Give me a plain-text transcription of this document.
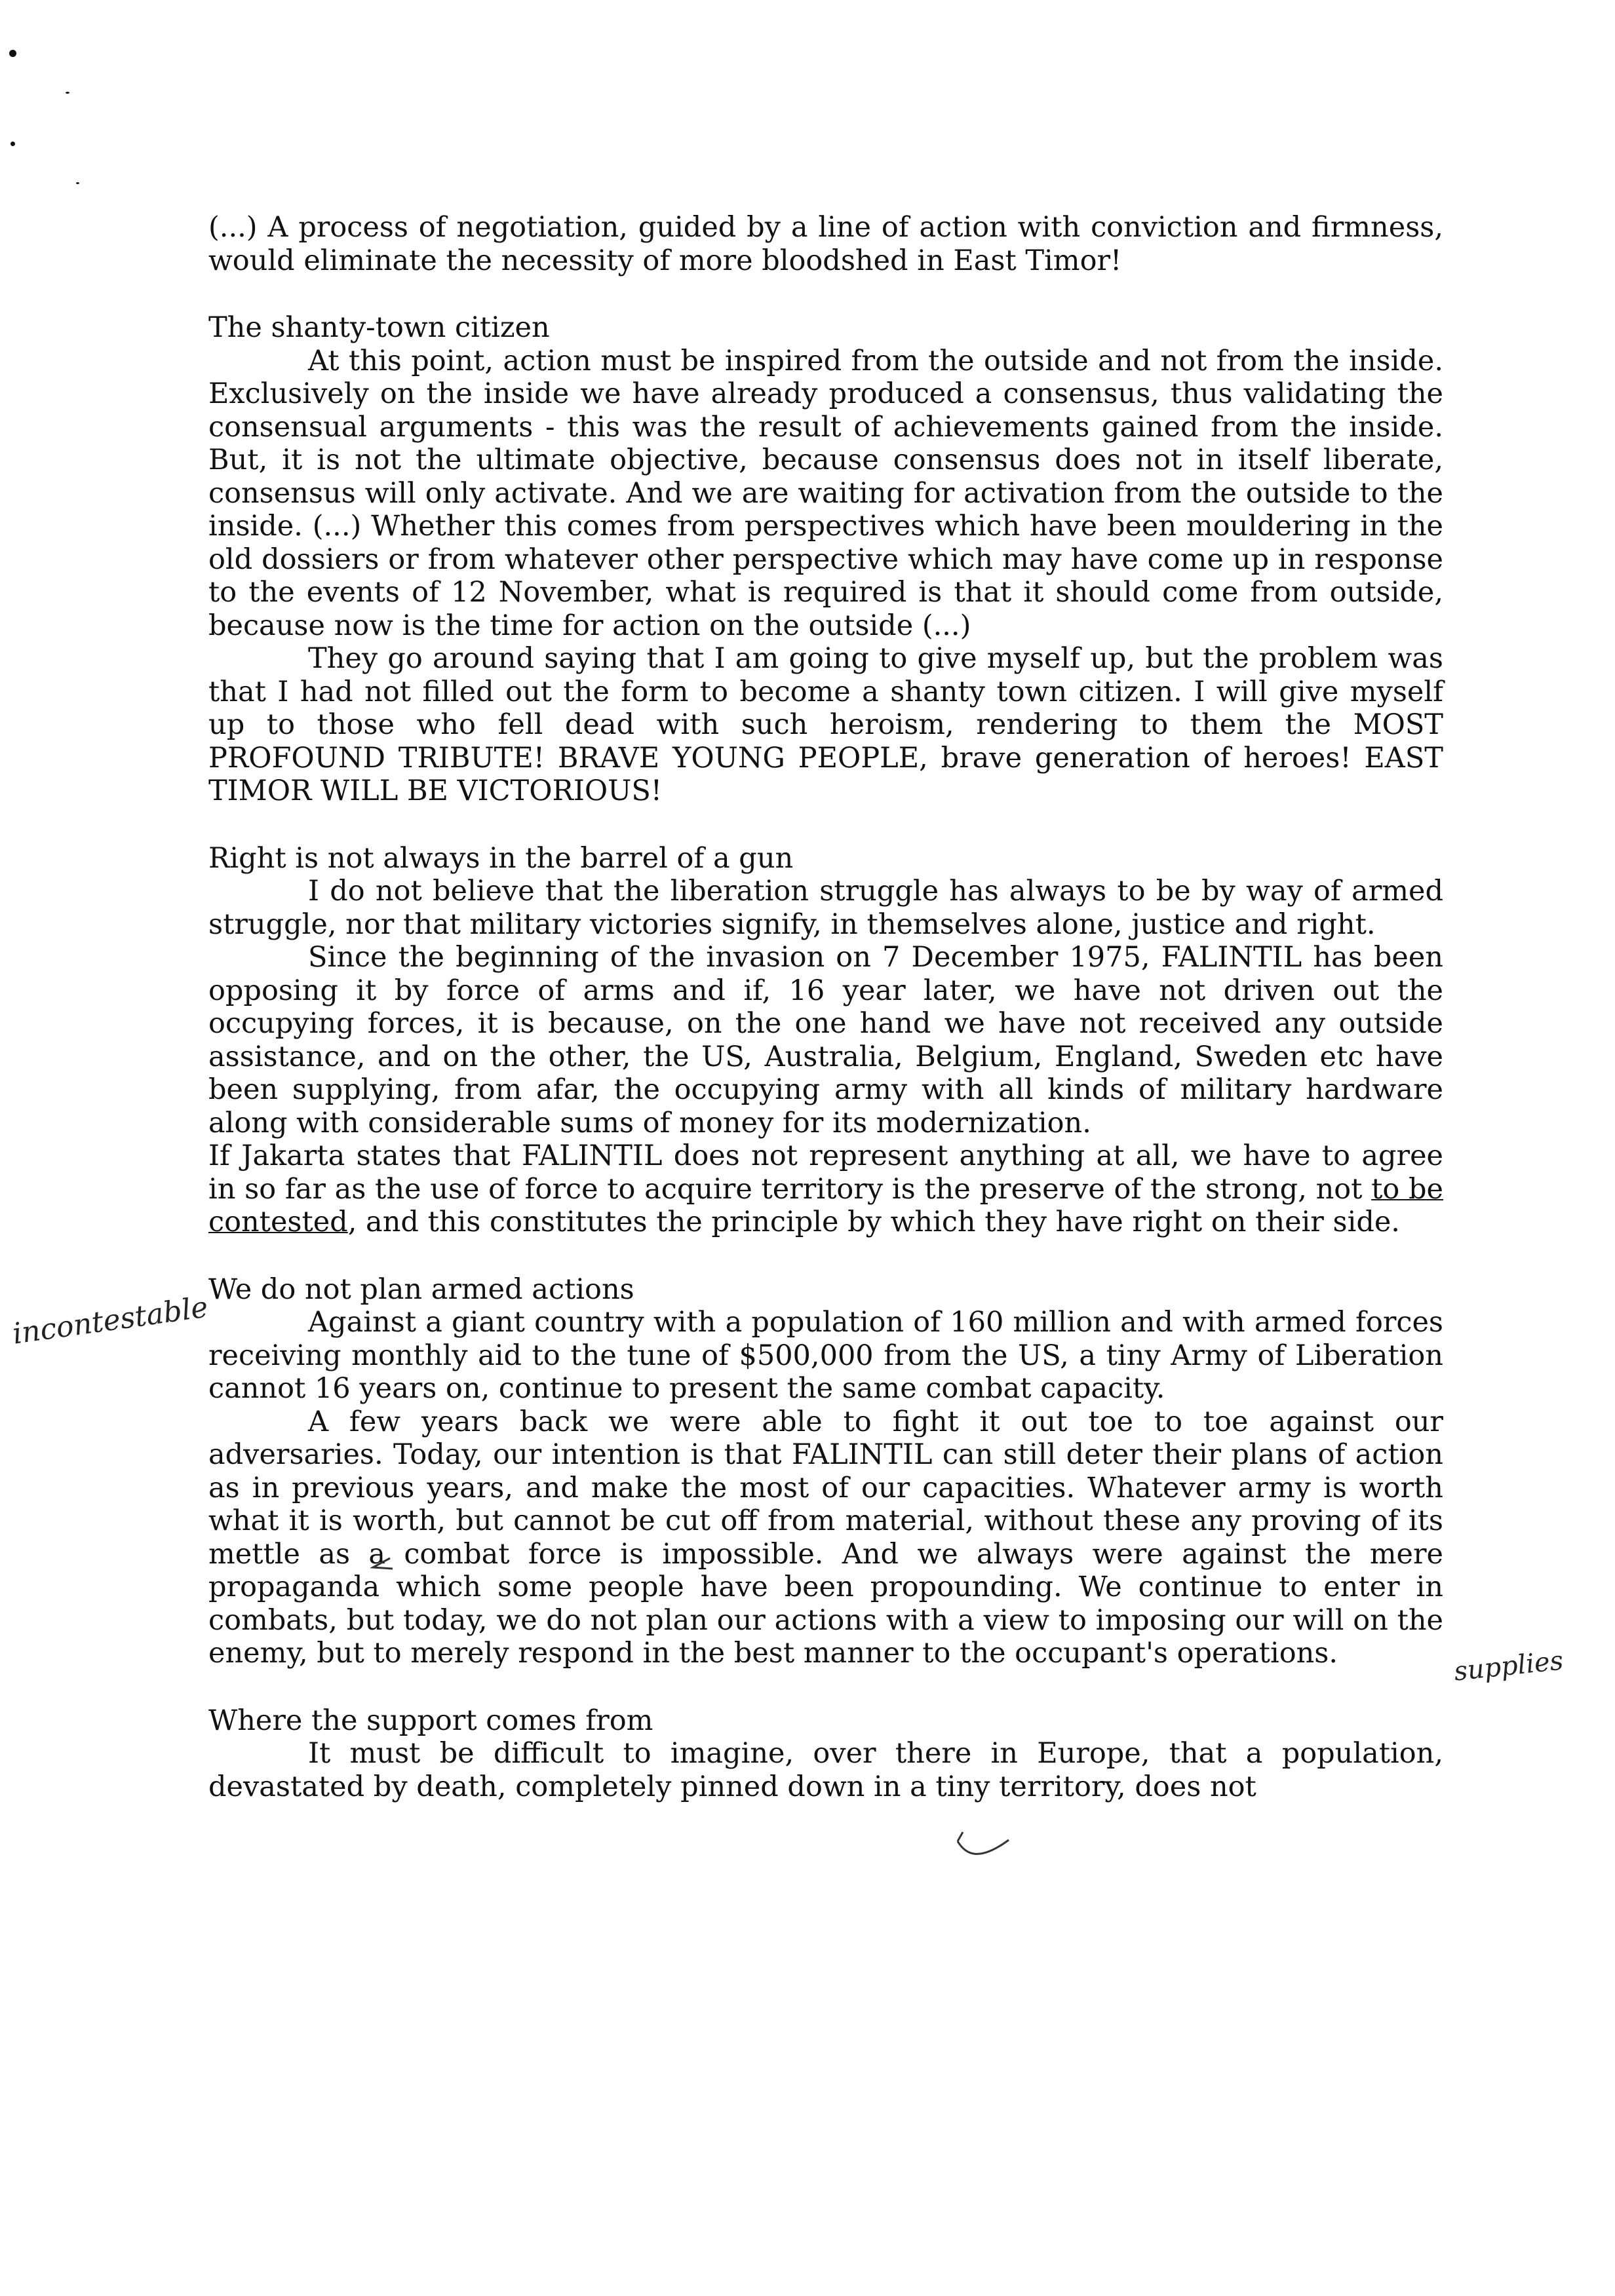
(...) A process of negotiation, guided by a line of action with conviction and firmness, would eliminate the necessity of more bloodshed in East Timor!

The shanty-town citizen

At this point, action must be inspired from the outside and not from the inside. Exclusively on the inside we have already produced a consensus, thus validating the consensual arguments - this was the result of achievements gained from the inside. But, it is not the ultimate objective, because consensus does not in itself liberate, consensus will only activate. And we are waiting for activation from the outside to the inside. (...) Whether this comes from perspectives which have been mouldering in the old dossiers or from whatever other perspective which may have come up in response to the events of 12 November, what is required is that it should come from outside, because now is the time for action on the outside (...)

They go around saying that I am going to give myself up, but the problem was that I had not filled out the form to become a shanty town citizen. I will give myself up to those who fell dead with such heroism, rendering to them the MOST PROFOUND TRIBUTE! BRAVE YOUNG PEOPLE, brave generation of heroes! EAST TIMOR WILL BE VICTORIOUS!

Right is not always in the barrel of a gun

I do not believe that the liberation struggle has always to be by way of armed struggle, nor that military victories signify, in themselves alone, justice and right.

Since the beginning of the invasion on 7 December 1975, FALINTIL has been opposing it by force of arms and if, 16 year later, we have not driven out the occupying forces, it is because, on the one hand we have not received any outside assistance, and on the other, the US, Australia, Belgium, England, Sweden etc have been supplying, from afar, the occupying army with all kinds of military hardware along with considerable sums of money for its modernization.

If Jakarta states that FALINTIL does not represent anything at all, we have to agree in so far as the use of force to acquire territory is the preserve of the strong, not to be contested, and this constitutes the principle by which they have right on their side.

We do not plan armed actions

Against a giant country with a population of 160 million and with armed forces receiving monthly aid to the tune of $500,000 from the US, a tiny Army of Liberation cannot 16 years on, continue to present the same combat capacity.

A few years back we were able to fight it out toe to toe against our adversaries. Today, our intention is that FALINTIL can still deter their plans of action as in previous years, and make the most of our capacities. Whatever army is worth what it is worth, but cannot be cut off from material, without these any proving of its mettle as a combat force is impossible. And we always were against the mere propaganda which some people have been propounding. We continue to enter in combats, but today, we do not plan our actions with a view to imposing our will on the enemy, but to merely respond in the best manner to the occupant's operations.

Where the support comes from

It must be difficult to imagine, over there in Europe, that a population, devastated by death, completely pinned down in a tiny territory, does not

incontestable
supplies
